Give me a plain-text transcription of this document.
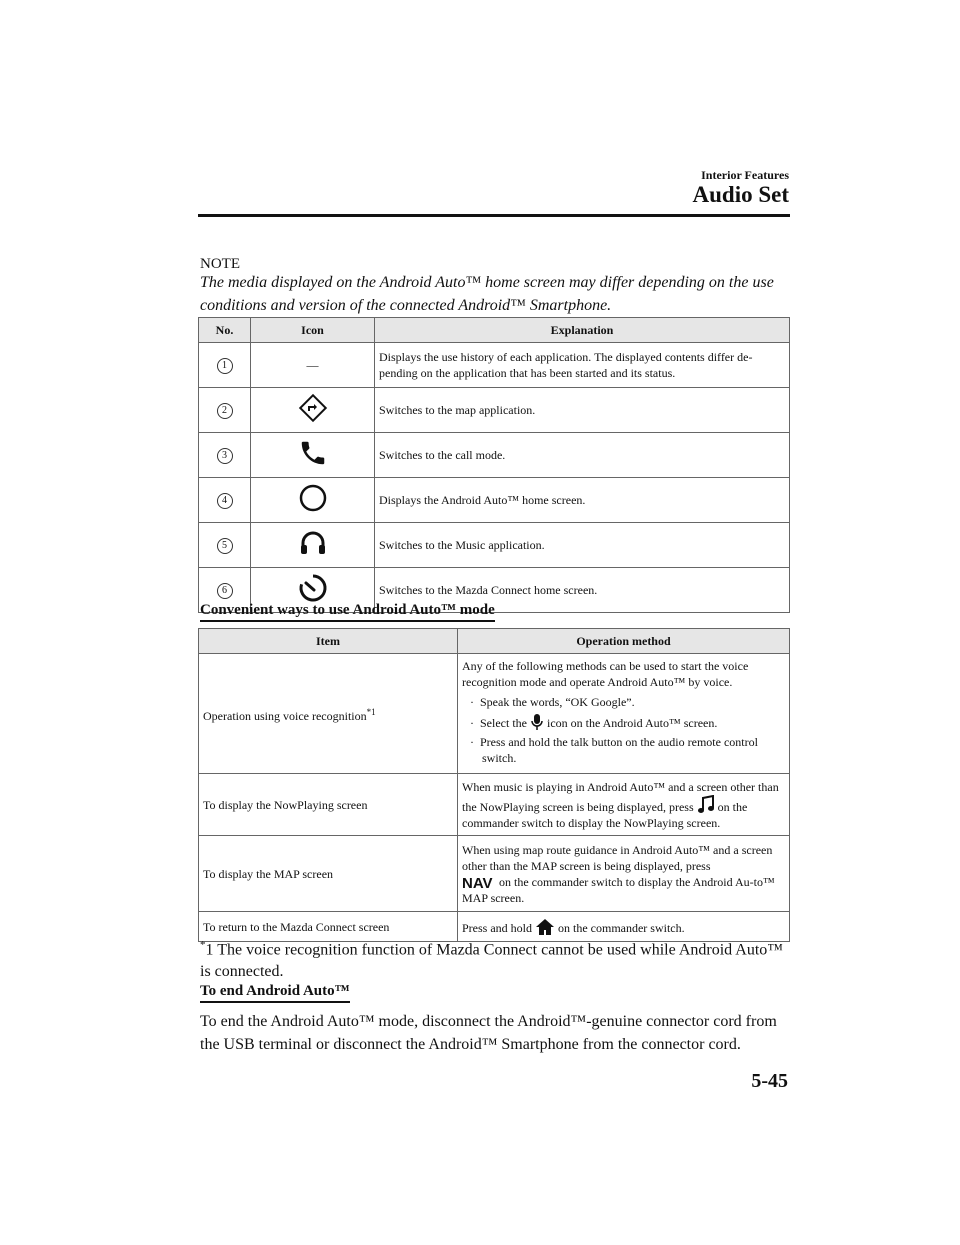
Interior Features
Audio Set
NOTE
The media displayed on the Android Auto™ home screen may differ depending on the use conditions and version of the connected Android™ Smartphone.
No.	Icon	Explanation
1	—	Displays the use history of each application. The displayed contents differ de-pending on the application that has been started and its status.
2		Switches to the map application.
3		Switches to the call mode.
4		Displays the Android Auto™ home screen.
5		Switches to the Music application.
6		Switches to the Mazda Connect home screen.
Convenient ways to use Android Auto™ mode
Item	Operation method
Operation using voice recognition$^{*1}$	Any of the following methods can be used to start the voice recognition mode and operate Android Auto™ by voice.
·  Speak the words, “OK Google”.
·  Select the icon on the Android Auto™ screen.
·  Press and hold the talk button on the audio remote control switch.

To display the NowPlaying screen	When music is playing in Android Auto™ and a screen other than the NowPlaying screen is being displayed, press on the commander switch to display the NowPlaying screen.
To display the MAP screen	When using map route guidance in Android Auto™ and a screen other than the MAP screen is being displayed, press

NAV on the commander switch to display the Android Au-to™ MAP screen.
To return to the Mazda Connect screen	Press and hold on the commander switch.
*1 The voice recognition function of Mazda Connect cannot be used while Android Auto™ is connected.
To end Android Auto™
To end the Android Auto™ mode, disconnect the Android™-genuine connector cord from the USB terminal or disconnect the Android™ Smartphone from the connector cord.
5-45
